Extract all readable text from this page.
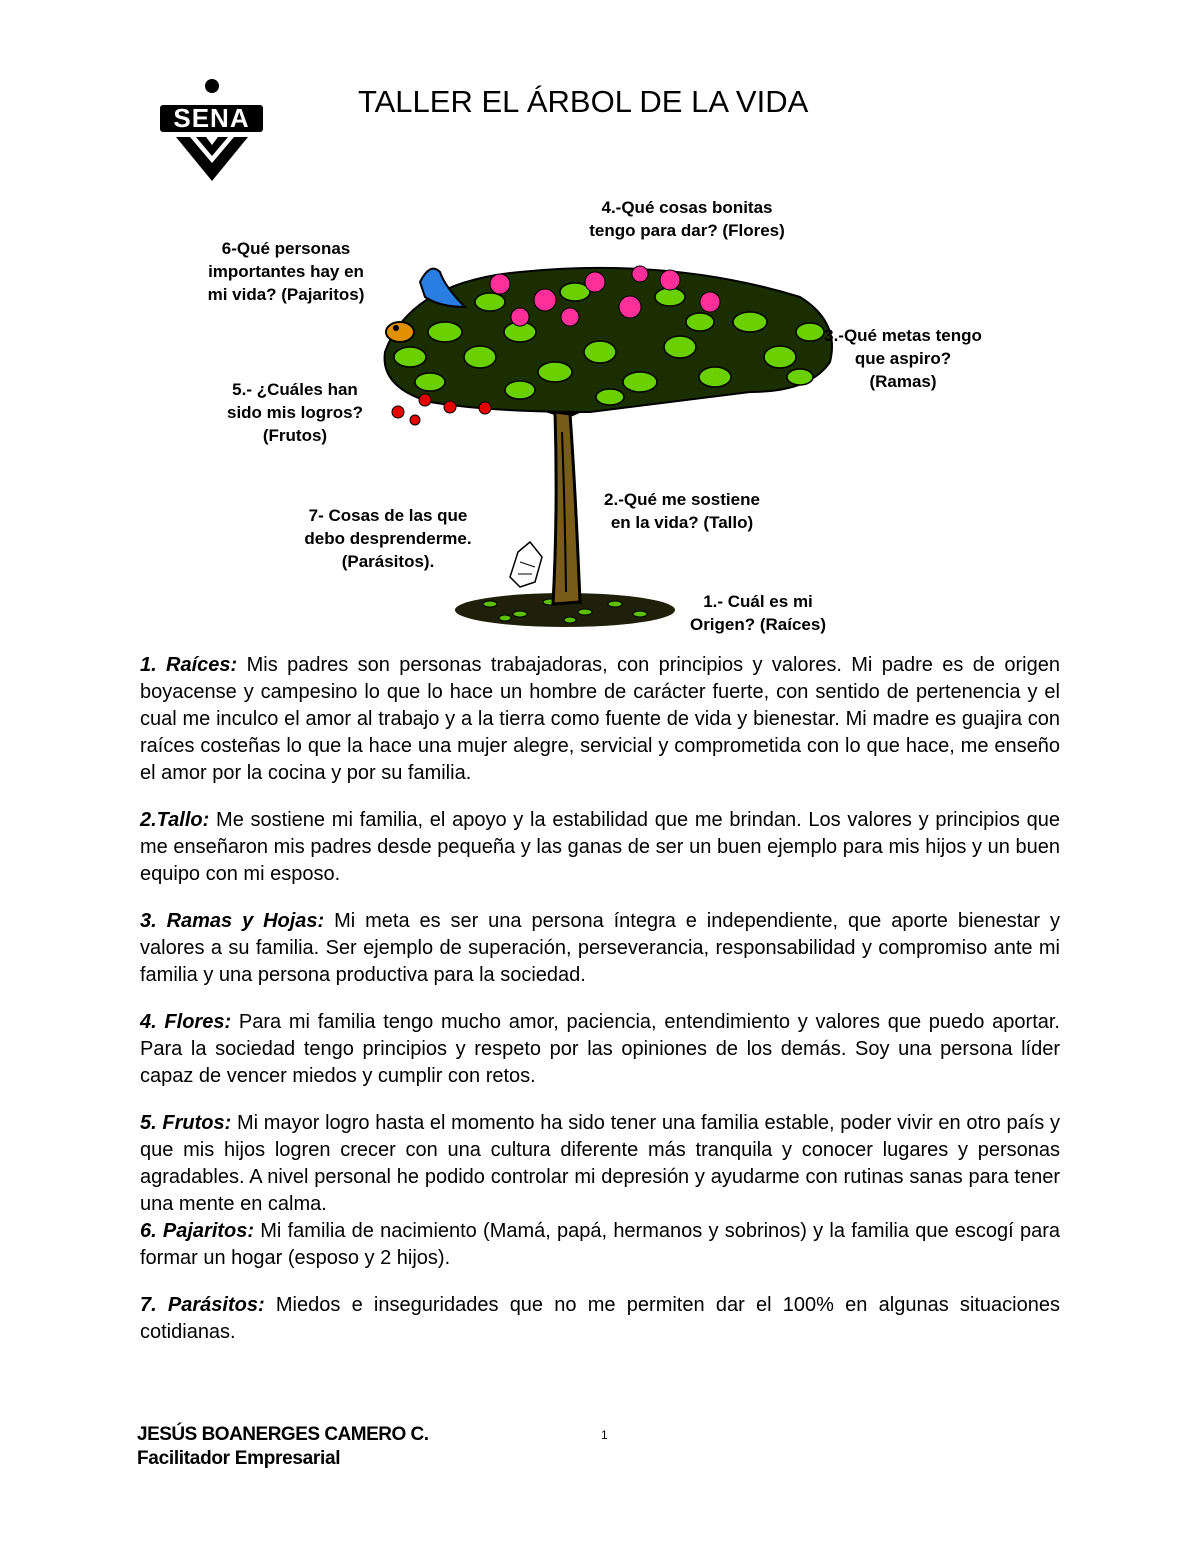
SENA	TALLER EL ÁRBOL DE LA VIDA
4.-Qué cosas bonitas
tengo para dar? (Flores)
6-Qué personas
importantes hay en
mi vida? (Pajaritos)
3.-Qué metas tengo
que aspiro?
(Ramas)
5.- ¿Cuáles han
sido mis logros?
(Frutos)
2.-Qué me sostiene
en la vida? (Tallo)
7- Cosas de las que
debo desprenderme.
(Parásitos).
1.- Cuál es mi
Origen? (Raíces)

1. Raíces: Mis padres son personas trabajadoras, con principios y valores. Mi padre es de origen boyacense y campesino lo que lo hace un hombre de carácter fuerte, con sentido de pertenencia y el cual me inculco el amor al trabajo y a la tierra como fuente de vida y bienestar. Mi madre es guajira con raíces costeñas lo que la hace una mujer alegre, servicial y comprometida con lo que hace, me enseño el amor por la cocina y por su familia.

2.Tallo: Me sostiene mi familia, el apoyo y la estabilidad que me brindan. Los valores y principios que me enseñaron mis padres desde pequeña y las ganas de ser un buen ejemplo para mis hijos y un buen equipo con mi esposo.

3. Ramas y Hojas: Mi meta es ser una persona íntegra e independiente, que aporte bienestar y valores a su familia. Ser ejemplo de superación, perseverancia, responsabilidad y compromiso ante mi familia y una persona productiva para la sociedad.

4. Flores: Para mi familia tengo mucho amor, paciencia, entendimiento y valores que puedo aportar. Para la sociedad tengo principios y respeto por las opiniones de los demás. Soy una persona líder capaz de vencer miedos y cumplir con retos.

5. Frutos: Mi mayor logro hasta el momento ha sido tener una familia estable, poder vivir en otro país y que mis hijos logren crecer con una cultura diferente más tranquila y conocer lugares y personas agradables. A nivel personal he podido controlar mi depresión y ayudarme con rutinas sanas para tener una mente en calma.

6. Pajaritos: Mi familia de nacimiento (Mamá, papá, hermanos y sobrinos) y la familia que escogí para formar un hogar (esposo y 2 hijos).

7. Parásitos: Miedos e inseguridades que no me permiten dar el 100% en algunas situaciones cotidianas.

JESÚS BOANERGES CAMERO C.
Facilitador Empresarial
1
